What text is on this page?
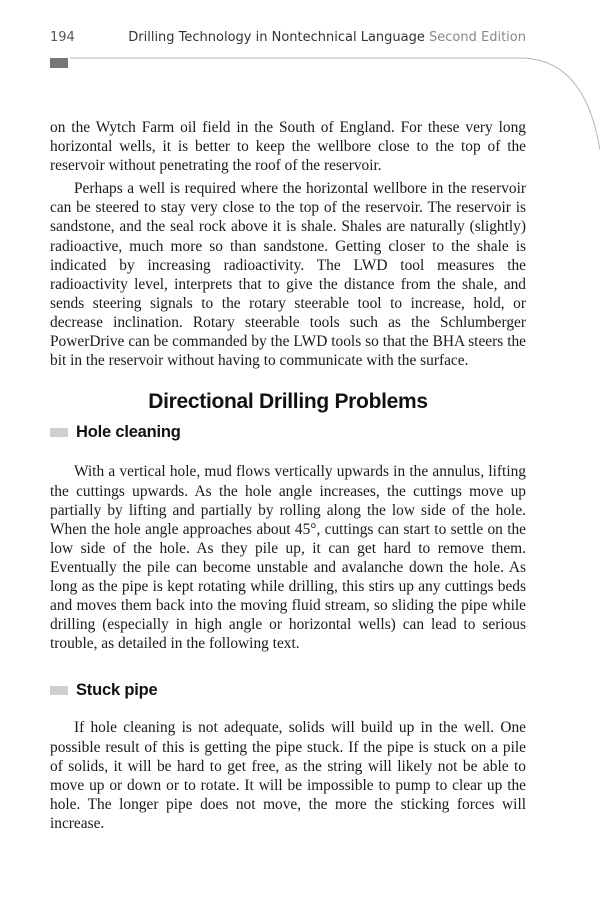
194	Drilling Technology in Nontechnical Language Second Edition

on the Wytch Farm oil field in the South of England. For these very long horizontal wells, it is better to keep the wellbore close to the top of the reservoir without penetrating the roof of the reservoir.

Perhaps a well is required where the horizontal wellbore in the reservoir can be steered to stay very close to the top of the reservoir. The reservoir is sandstone, and the seal rock above it is shale. Shales are naturally (slightly) radioactive, much more so than sandstone. Getting closer to the shale is indicated by increasing radioactivity. The LWD tool measures the radioactivity level, interprets that to give the distance from the shale, and sends steering signals to the rotary steerable tool to increase, hold, or decrease inclination. Rotary steerable tools such as the Schlumberger PowerDrive can be commanded by the LWD tools so that the BHA steers the bit in the reservoir without having to communicate with the surface.

Directional Drilling Problems
Hole cleaning

With a vertical hole, mud flows vertically upwards in the annulus, lifting the cuttings upwards. As the hole angle increases, the cuttings move up partially by lifting and partially by rolling along the low side of the hole. When the hole angle approaches about 45°, cuttings can start to settle on the low side of the hole. As they pile up, it can get hard to remove them. Eventually the pile can become unstable and avalanche down the hole. As long as the pipe is kept rotating while drilling, this stirs up any cuttings beds and moves them back into the moving fluid stream, so sliding the pipe while drilling (especially in high angle or horizontal wells) can lead to serious trouble, as detailed in the following text.

Stuck pipe

If hole cleaning is not adequate, solids will build up in the well. One possible result of this is getting the pipe stuck. If the pipe is stuck on a pile of solids, it will be hard to get free, as the string will likely not be able to move up or down or to rotate. It will be impossible to pump to clear up the hole. The longer pipe does not move, the more the sticking forces will increase.
